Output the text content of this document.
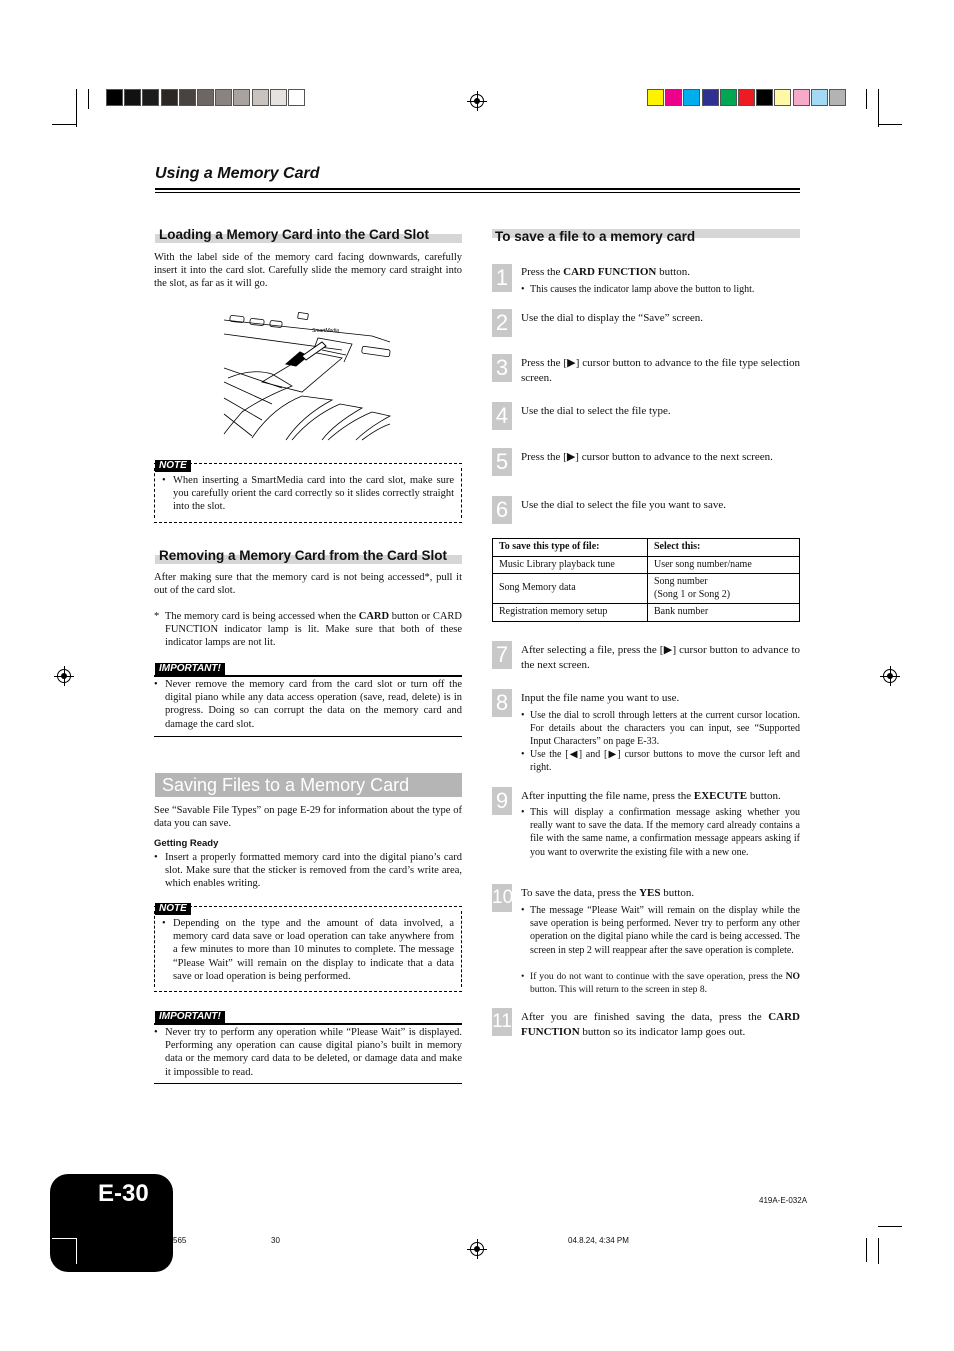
Using a Memory Card
Loading a Memory Card into the Card Slot
With the label side of the memory card facing downwards, carefully insert it into the card slot. Carefully slide the memory card straight into the slot, as far as it will go.
SmartMedia
NOTE
• When inserting a SmartMedia card into the card slot, make sure you carefully orient the card correctly so it slides correctly straight into the slot.
Removing a Memory Card from the Card Slot
After making sure that the memory card is not being accessed*, pull it out of the card slot.
* The memory card is being accessed when the CARD button or CARD FUNCTION indicator lamp is lit. Make sure that both of these indicator lamps are not lit.
IMPORTANT!
• Never remove the memory card from the card slot or turn off the digital piano while any data access operation (save, read, delete) is in progress. Doing so can corrupt the data on the memory card and damage the card slot.
Saving Files to a Memory Card
See “Savable File Types” on page E-29 for information about the type of data you can save.
Getting Ready
• Insert a properly formatted memory card into the digital piano’s card slot. Make sure that the sticker is removed from the card’s write area, which enables writing.
NOTE
• Depending on the type and the amount of data involved, a memory card data save or load operation can take anywhere from a few minutes to more than 10 minutes to complete. The message “Please Wait” will remain on the display to indicate that a data save or load operation is being performed.
IMPORTANT!
• Never try to perform any operation while “Please Wait” is displayed. Performing any operation can cause digital piano’s built in memory data or the memory card data to be deleted, or damage data and make it impossible to read.
To save a file to a memory card
1	Press the CARD FUNCTION button.
• This causes the indicator lamp above the button to light.
2	Use the dial to display the “Save” screen.
3	Press the [▶] cursor button to advance to the file type selection screen.
4	Use the dial to select the file type.
5	Press the [▶] cursor button to advance to the next screen.
6	Use the dial to select the file you want to save.
To save this type of file:	Select this:
Music Library playback tune	User song number/name
Song Memory data	Song number
(Song 1 or Song 2)

Registration memory setup	Bank number
7	After selecting a file, press the [▶] cursor button to advance to the next screen.
8	Input the file name you want to use.
• Use the dial to scroll through letters at the current cursor location. For details about the characters you can input, see “Supported Input Characters” on page E-33.
• Use the [◀] and [▶] cursor buttons to move the cursor left and right.
9	After inputting the file name, press the EXECUTE button.
• This will display a confirmation message asking whether you really want to save the data. If the memory card already contains a file with the same name, a confirmation message appears asking if you want to overwrite the existing file with a new one.
10 To save the data, press the YES button.
• The message “Please Wait” will remain on the display while the save operation is being performed. Never try to perform any other operation on the digital piano while the card is being accessed. The screen in step 2 will reappear after the save operation is complete.
• If you do not want to continue with the save operation, press the NO button. This will return to the screen in step 8.
11 After you are finished saving the data, press the CARD FUNCTION button so its indicator lamp goes out.
E-30	419A-E-032A
565	30	04.8.24, 4:34 PM
